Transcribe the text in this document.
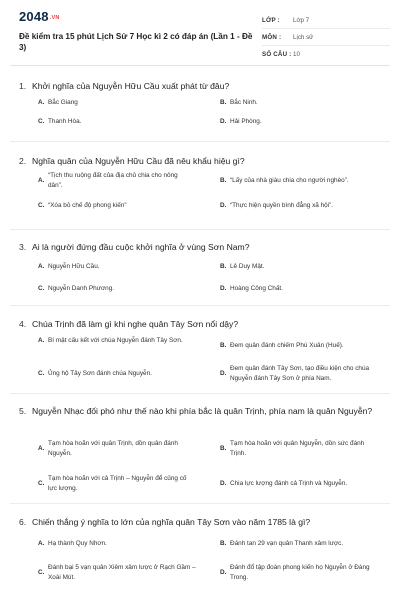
2048.VN
Đề kiểm tra 15 phút Lịch Sử 7 Học kì 2 có đáp án (Lần 1 - Đề 3)
LỚP :	Lớp 7
MÔN :	Lịch sử
SỐ CÂU : 10
1. Khởi nghĩa của Nguyễn Hữu Cầu xuất phát từ đâu?
A. Bắc Giang	B. Bắc Ninh.
C. Thanh Hóa.	D. Hải Phòng.
2. Nghĩa quân của Nguyễn Hữu Cầu đã nêu khẩu hiệu gì?
A.
“Tịch thu ruộng đất của địa chủ chia cho nông dân”.
B. “Lấy của nhà giàu chia cho người nghèo”.
C. “Xóa bỏ chế độ phong kiến”	D. “Thực hiện quyền bình đẳng xã hội”.
3. Ai là người đứng đầu cuộc khởi nghĩa ở vùng Sơn Nam?
A. Nguyễn Hữu Cầu.	B. Lê Duy Mật.
C. Nguyễn Danh Phương.	D. Hoàng Công Chất.
4. Chúa Trịnh đã làm gì khi nghe quân Tây Sơn nổi dậy?
A. Bí mật cấu kết với chúa Nguyễn đánh Tây Sơn.
B. Đem quân đánh chiếm Phú Xuân (Huế).
C. Ủng hộ Tây Sơn đánh chúa Nguyễn.	D.
Đem quân đánh Tây Sơn, tạo điều kiện cho chúa Nguyễn đánh Tây Sơn ở phía Nam.
5. Nguyễn Nhạc đối phó như thế nào khi phía bắc là quân Trịnh, phía nam là quân Nguyễn?
A.
Tạm hòa hoãn với quân Trịnh, dồn quân đánh Nguyễn.
B.
Tạm hòa hoãn với quân Nguyễn, dồn sức đánh Trịnh.
C.
Tạm hòa hoãn với cả Trịnh – Nguyễn để củng cố lực lượng.
D. Chia lực lượng đánh cả Trịnh và Nguyễn.
6. Chiến thắng ý nghĩa to lớn của nghĩa quân Tây Sơn vào năm 1785 là gì?
A. Hạ thành Quy Nhơn.	B. Đánh tan 29 vạn quân Thanh xâm lược.
C.
Đánh bại 5 vạn quân Xiêm xâm lược ở Rạch Gầm – Xoài Mút.
D.
Đánh đổ tập đoàn phong kiến họ Nguyễn ở Đàng Trong.
